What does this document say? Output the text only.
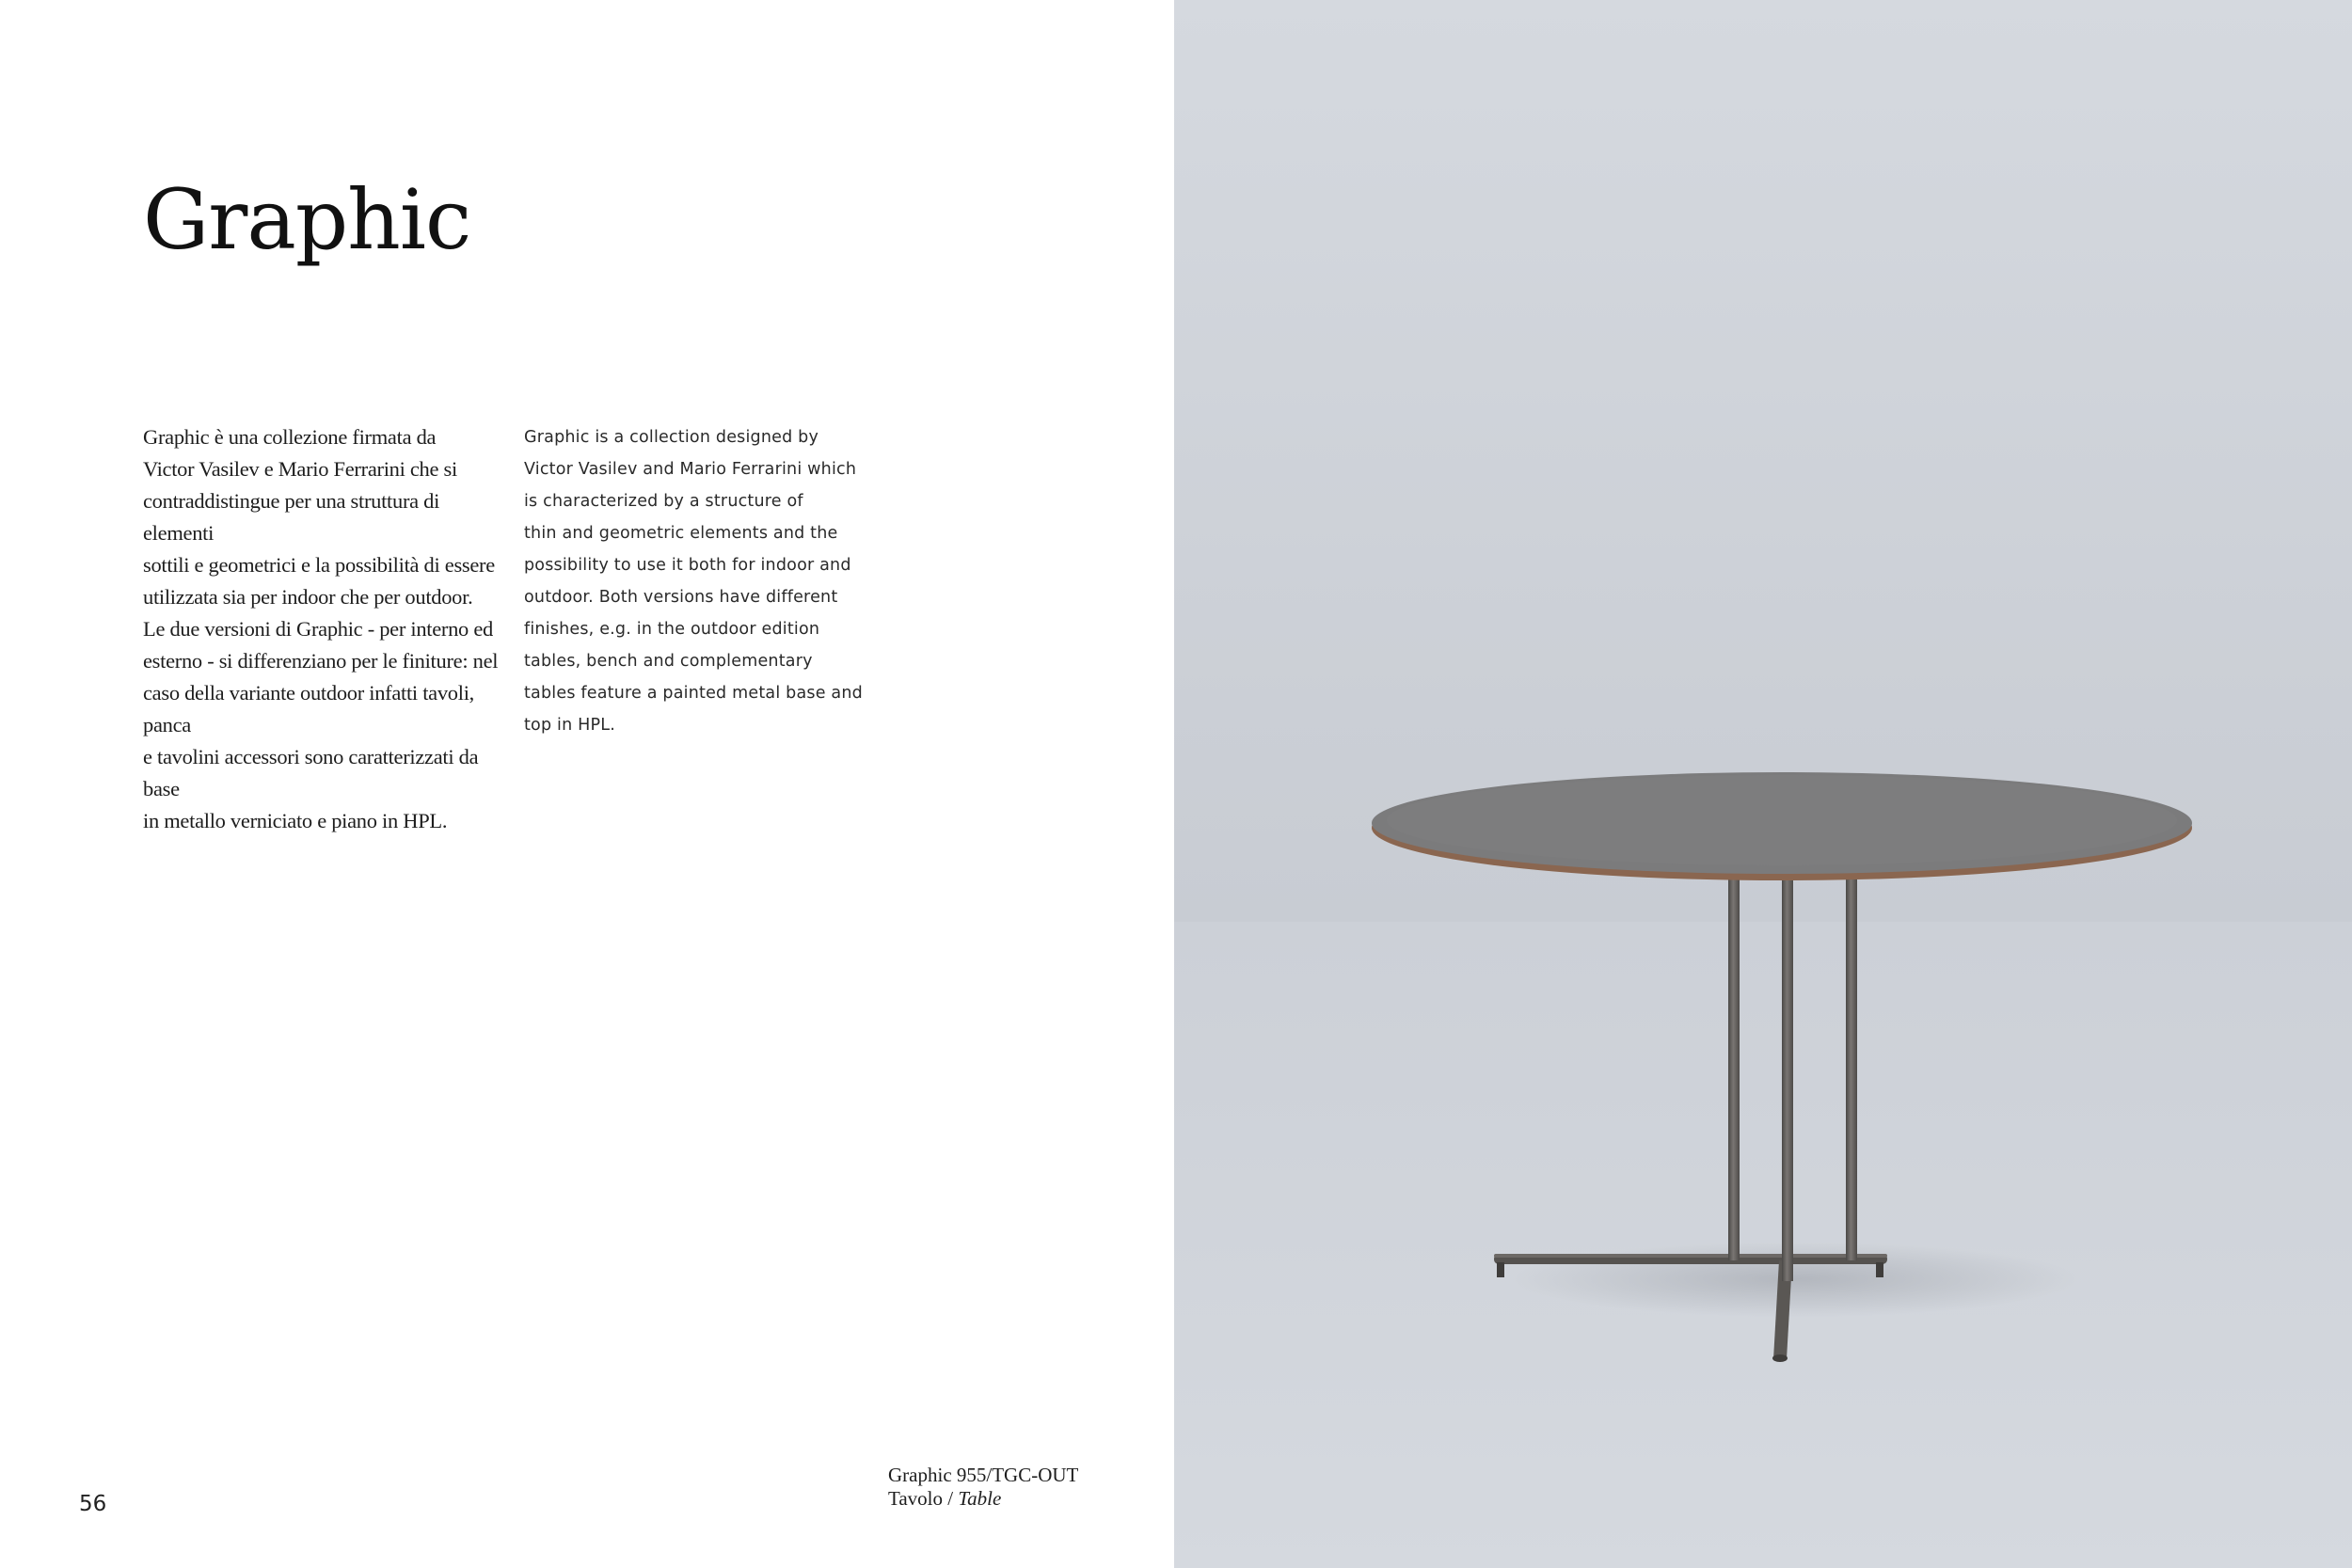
Graphic

Graphic è una collezione firmata da
Victor Vasilev e Mario Ferrarini che si
contraddistingue per una struttura di elementi
sottili e geometrici e la possibilità di essere
utilizzata sia per indoor che per outdoor.
Le due versioni di Graphic - per interno ed
esterno - si differenziano per le finiture: nel
caso della variante outdoor infatti tavoli, panca
e tavolini accessori sono caratterizzati da base
in metallo verniciato e piano in HPL.

Graphic is a collection designed by
Victor Vasilev and Mario Ferrarini which
is characterized by a structure of
thin and geometric elements and the
possibility to use it both for indoor and
outdoor. Both versions have different
finishes, e.g. in the outdoor edition
tables, bench and complementary
tables feature a painted metal base and
top in HPL.

Graphic 955/TGC-OUT
Tavolo / Table
56
